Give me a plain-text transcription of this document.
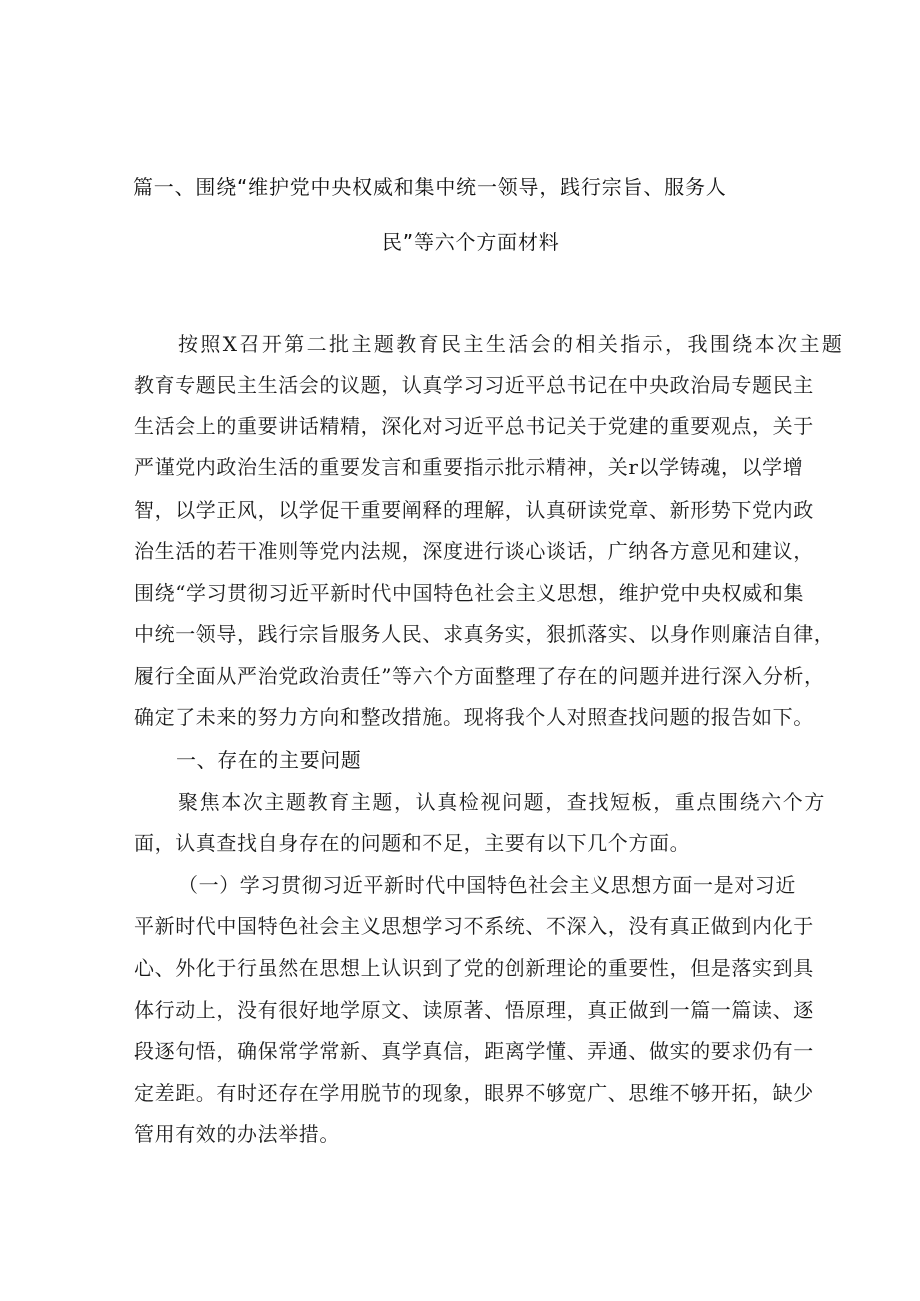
篇一、围绕“维护党中央权威和集中统一领导，践行宗旨、服务人
民”等六个方面材料
按照X召开第二批主题教育民主生活会的相关指示，我围绕本次主题
教育专题民主生活会的议题，认真学习习近平总书记在中央政治局专题民主
生活会上的重要讲话精精，深化对习近平总书记关于党建的重要观点，关于
严谨党内政治生活的重要发言和重要指示批示精神，关r以学铸魂，以学增
智，以学正风，以学促干重要阐释的理解，认真研读党章、新形势下党内政
治生活的若干准则等党内法规，深度进行谈心谈话，广纳各方意见和建议，
围绕“学习贯彻习近平新时代中国特色社会主义思想，维护党中央权威和集
中统一领导，践行宗旨服务人民、求真务实，狠抓落实、以身作则廉洁自律，
履行全面从严治党政治责任”等六个方面整理了存在的问题并进行深入分析，
确定了未来的努力方向和整改措施。现将我个人对照查找问题的报告如下。
一、存在的主要问题
聚焦本次主题教育主题，认真检视问题，查找短板，重点围绕六个方
面，认真查找自身存在的问题和不足，主要有以下几个方面。
（一）学习贯彻习近平新时代中国特色社会主义思想方面一是对习近
平新时代中国特色社会主义思想学习不系统、不深入，没有真正做到内化于
心、外化于行虽然在思想上认识到了党的创新理论的重要性，但是落实到具
体行动上，没有很好地学原文、读原著、悟原理，真正做到一篇一篇读、逐
段逐句悟，确保常学常新、真学真信，距离学懂、弄通、做实的要求仍有一
定差距。有时还存在学用脱节的现象，眼界不够宽广、思维不够开拓，缺少
管用有效的办法举措。
